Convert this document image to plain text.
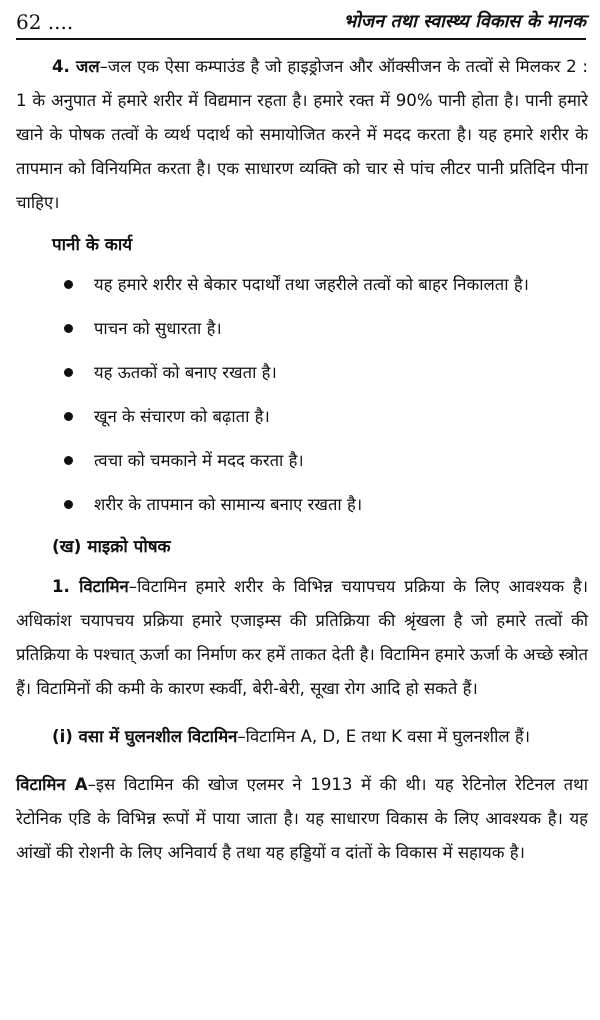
62 ....	भोजन तथा स्वास्थ्य विकास के मानक

4. जल–जल एक ऐसा कम्पाउंड है जो हाइड्रोजन और ऑक्सीजन के तत्वों से मिलकर 2 : 1 के अनुपात में हमारे शरीर में विद्यमान रहता है। हमारे रक्त में 90% पानी होता है। पानी हमारे खाने के पोषक तत्वों के व्यर्थ पदार्थ को समायोजित करने में मदद करता है। यह हमारे शरीर के तापमान को विनियमित करता है। एक साधारण व्यक्ति को चार से पांच लीटर पानी प्रतिदिन पीना चाहिए।

पानी के कार्य
यह हमारे शरीर से बेकार पदार्थों तथा जहरीले तत्वों को बाहर निकालता है।
पाचन को सुधारता है।
यह ऊतकों को बनाए रखता है।
खून के संचारण को बढ़ाता है।
त्वचा को चमकाने में मदद करता है।
शरीर के तापमान को सामान्य बनाए रखता है।
(ख) माइक्रो पोषक

1. विटामिन–विटामिन हमारे शरीर के विभिन्न चयापचय प्रक्रिया के लिए आवश्यक है। अधिकांश चयापचय प्रक्रिया हमारे एजाइम्स की प्रतिक्रिया की श्रृंखला है जो हमारे तत्वों की प्रतिक्रिया के पश्चात् ऊर्जा का निर्माण कर हमें ताकत देती है। विटामिन हमारे ऊर्जा के अच्छे स्त्रोत हैं। विटामिनों की कमी के कारण स्कर्वी, बेरी-बेरी, सूखा रोग आदि हो सकते हैं।

(i) वसा में घुलनशील विटामिन–विटामिन A, D, E तथा K वसा में घुलनशील हैं।

विटामिन A–इस विटामिन की खोज एलमर ने 1913 में की थी। यह रेटिनोल रेटिनल तथा रेटोनिक एडि के विभिन्न रूपों में पाया जाता है। यह साधारण विकास के लिए आवश्यक है। यह आंखों की रोशनी के लिए अनिवार्य है तथा यह हड्डियों व दांतों के विकास में सहायक है।
